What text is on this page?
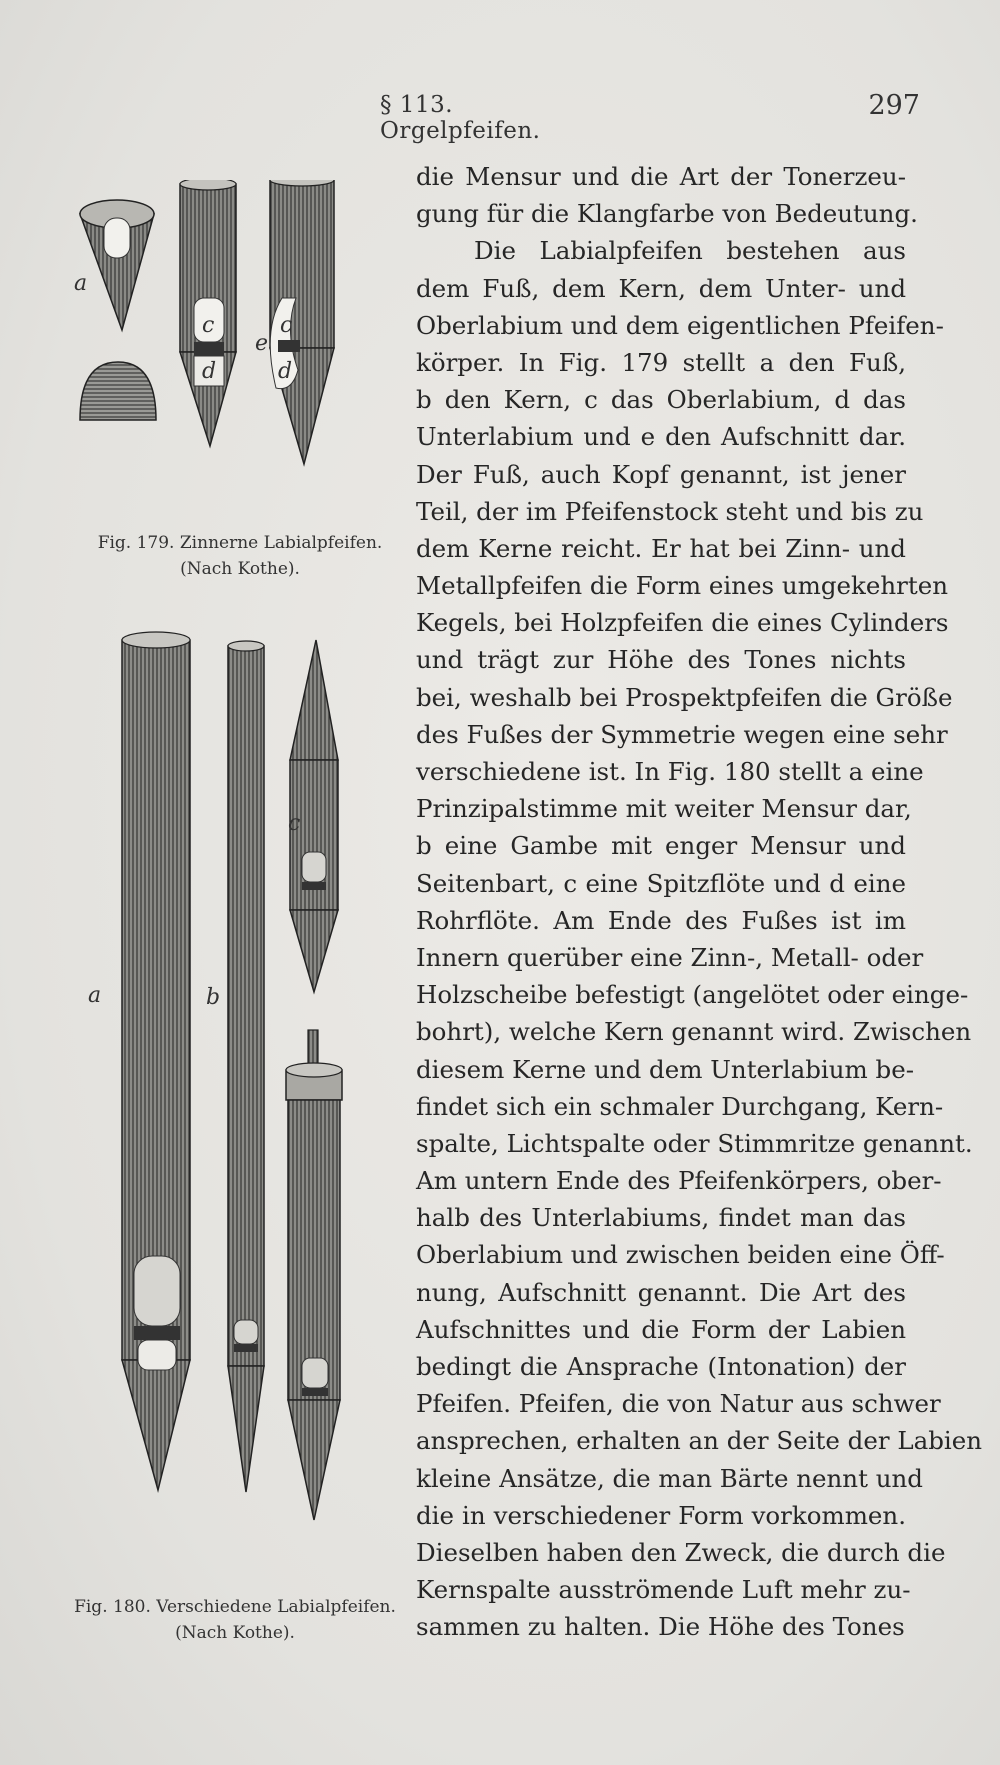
§ 113. Orgelpfeifen.
297
a
c
d
e
c
d
Fig. 179. Zinnerne Labialpfeifen.
(Nach Kothe).
a	b
c
Fig. 180. Verschiedene Labialpfeifen.
(Nach Kothe).
die Mensur und die Art der Tonerzeu-
gung für die Klangfarbe von Bedeutung.
Die Labialpfeifen bestehen aus
dem Fuß, dem Kern, dem Unter- und
Oberlabium und dem eigentlichen Pfeifen-
körper. In Fig. 179 stellt a den Fuß,
b den Kern, c das Oberlabium, d das
Unterlabium und e den Aufschnitt dar.
Der Fuß, auch Kopf genannt, ist jener
Teil, der im Pfeifenstock steht und bis zu
dem Kerne reicht. Er hat bei Zinn- und
Metallpfeifen die Form eines umgekehrten
Kegels, bei Holzpfeifen die eines Cylinders
und trägt zur Höhe des Tones nichts
bei, weshalb bei Prospektpfeifen die Größe
des Fußes der Symmetrie wegen eine sehr
verschiedene ist. In Fig. 180 stellt a eine
Prinzipalstimme mit weiter Mensur dar,
b eine Gambe mit enger Mensur und
Seitenbart, c eine Spitzflöte und d eine
Rohrflöte. Am Ende des Fußes ist im
Innern querüber eine Zinn-, Metall- oder
Holzscheibe befestigt (angelötet oder einge-
bohrt), welche Kern genannt wird. Zwischen
diesem Kerne und dem Unterlabium be-
findet sich ein schmaler Durchgang, Kern-
spalte, Lichtspalte oder Stimmritze genannt.
Am untern Ende des Pfeifenkörpers, ober-
halb des Unterlabiums, findet man das
Oberlabium und zwischen beiden eine Öff-
nung, Aufschnitt genannt. Die Art des
Aufschnittes und die Form der Labien
bedingt die Ansprache (Intonation) der
Pfeifen. Pfeifen, die von Natur aus schwer
ansprechen, erhalten an der Seite der Labien
kleine Ansätze, die man Bärte nennt und
die in verschiedener Form vorkommen.
Dieselben haben den Zweck, die durch die
Kernspalte ausströmende Luft mehr zu-
sammen zu halten. Die Höhe des Tones
